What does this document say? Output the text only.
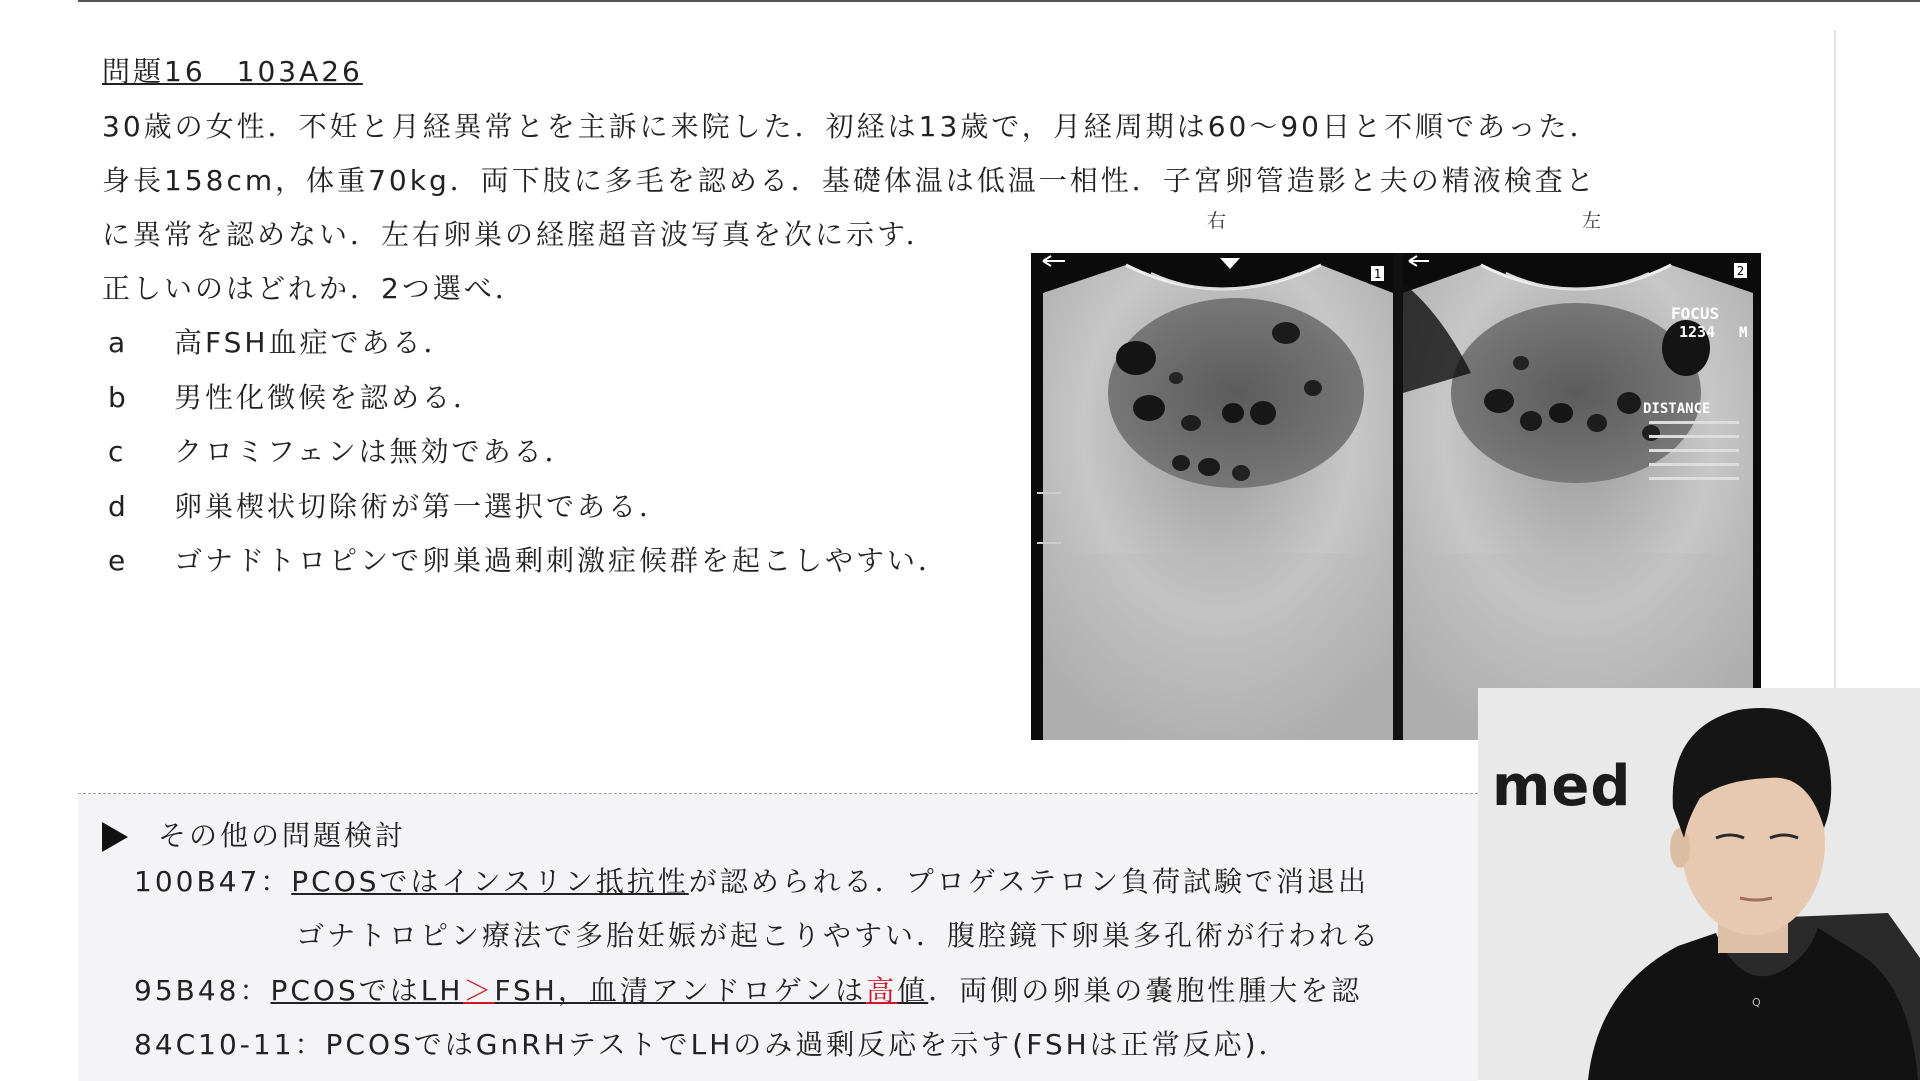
問題16　103A26
30歳の女性．不妊と月経異常とを主訴に来院した．初経は13歳で，月経周期は60～90日と不順であった．
身長158cm，体重70kg．両下肢に多毛を認める．基礎体温は低温一相性．子宮卵管造影と夫の精液検査と
に異常を認めない．左右卵巣の経腟超音波写真を次に示す．
正しいのはどれか．2つ選べ．
a 高FSH血症である．
b 男性化徴候を認める．
c クロミフェンは無効である．
d 卵巣楔状切除術が第一選択である．
e ゴナドトロピンで卵巣過剰刺激症候群を起こしやすい．
右	左
1	2
FOCUS
1234 M
DISTANCE
その他の問題検討
100B47：PCOSではインスリン抵抗性が認められる．プロゲステロン負荷試験で消退出
ゴナトロピン療法で多胎妊娠が起こりやすい．腹腔鏡下卵巣多孔術が行われる
95B48：PCOSではLH＞FSH，血清アンドロゲンは高値．両側の卵巣の嚢胞性腫大を認
84C10-11：PCOSではGnRHテストでLHのみ過剰反応を示す(FSHは正常反応)．
med
Q
